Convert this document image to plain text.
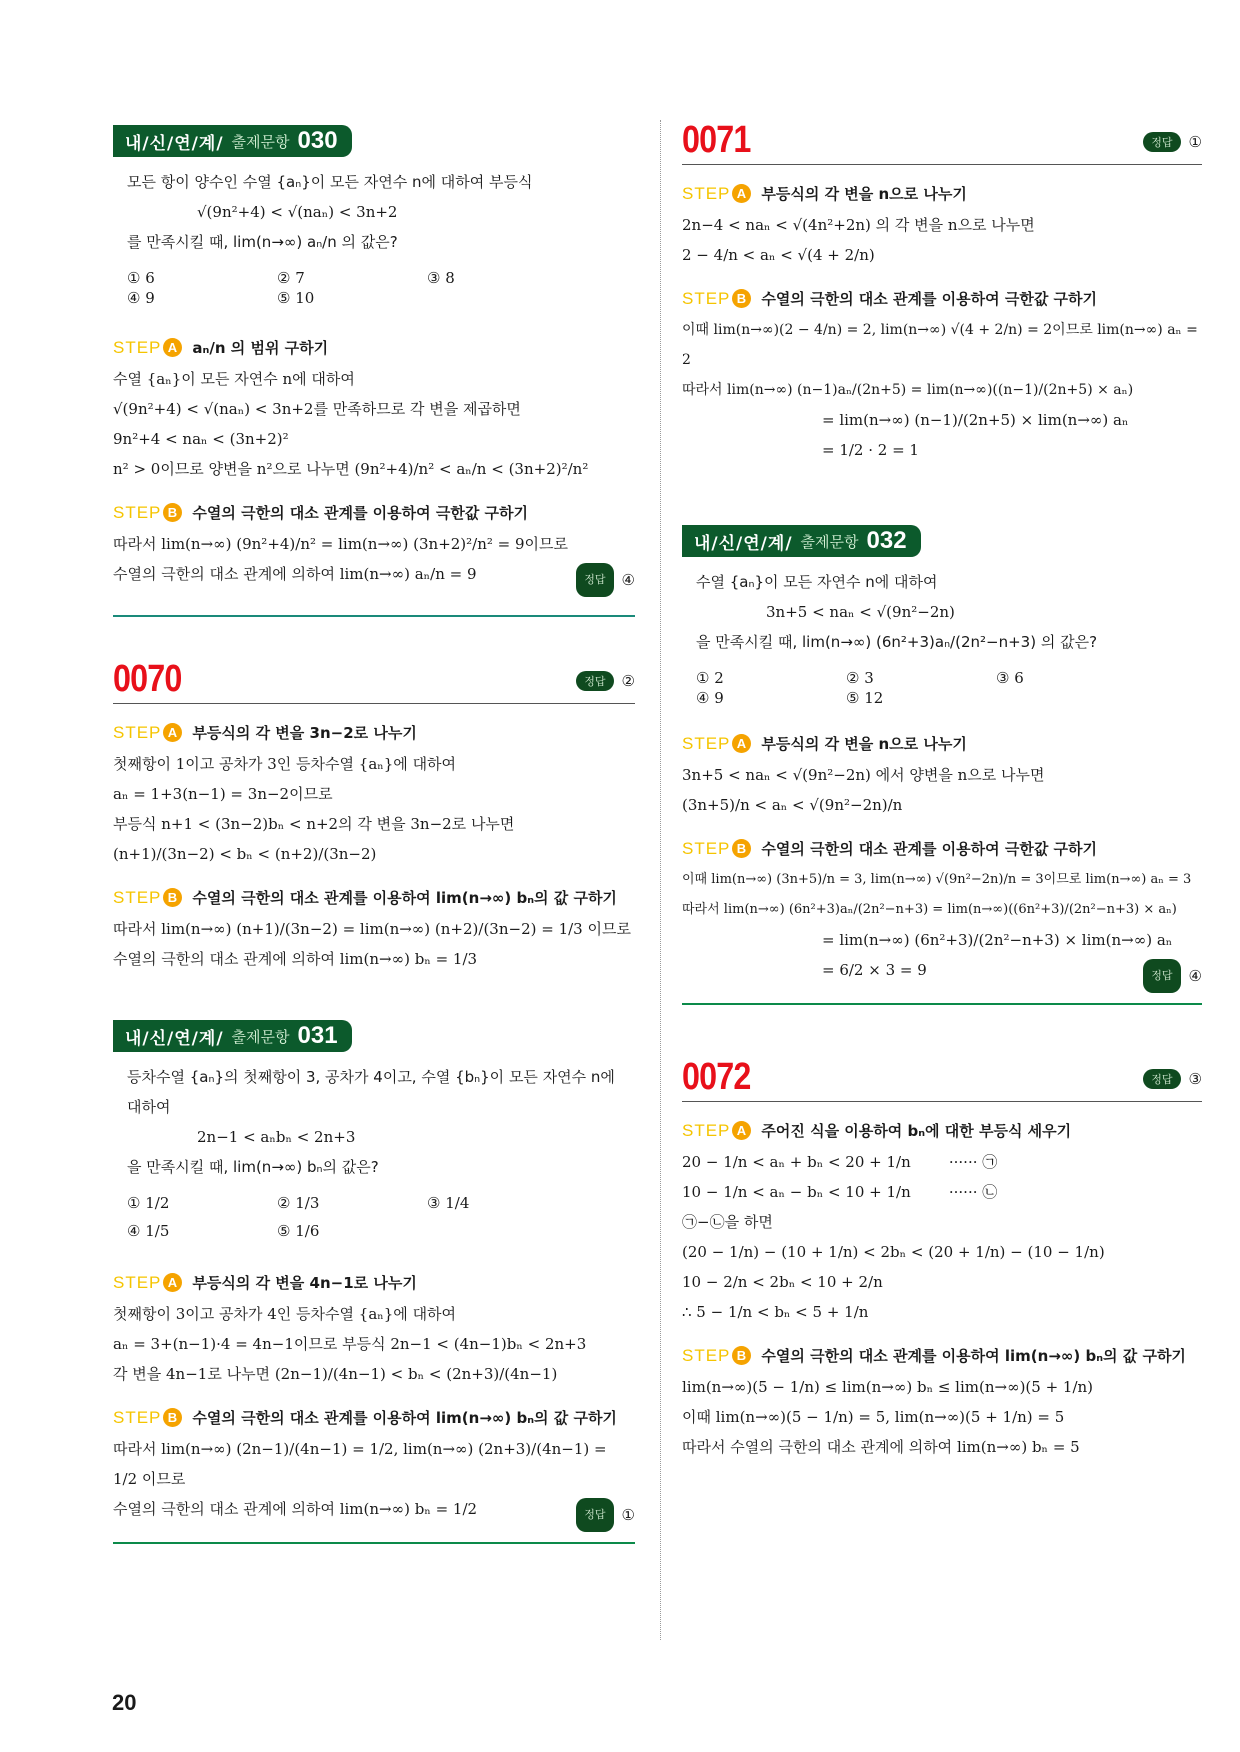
내/신/연/계/ 출제문항 030
모든 항이 양수인 수열 {aₙ}이 모든 자연수 n에 대하여 부등식
√(9n²+4) < √(naₙ) < 3n+2
를 만족시킬 때, lim(n→∞) aₙ/n 의 값은?
① 6	② 7	③ 8
④ 9	⑤ 10
STEP A aₙ/n 의 범위 구하기
수열 {aₙ}이 모든 자연수 n에 대하여
√(9n²+4) < √(naₙ) < 3n+2를 만족하므로 각 변을 제곱하면
9n²+4 < naₙ < (3n+2)²
n² > 0이므로 양변을 n²으로 나누면 (9n²+4)/n² < aₙ/n < (3n+2)²/n²
STEP B 수열의 극한의 대소 관계를 이용하여 극한값 구하기
따라서 lim(n→∞) (9n²+4)/n² = lim(n→∞) (3n+2)²/n² = 9이므로
수열의 극한의 대소 관계에 의하여 lim(n→∞) aₙ/n = 9	정답	④
0070	정답	②
STEP A 부등식의 각 변을 3n−2로 나누기
첫째항이 1이고 공차가 3인 등차수열 {aₙ}에 대하여
aₙ = 1+3(n−1) = 3n−2이므로
부등식 n+1 < (3n−2)bₙ < n+2의 각 변을 3n−2로 나누면
(n+1)/(3n−2) < bₙ < (n+2)/(3n−2)
STEP B 수열의 극한의 대소 관계를 이용하여 lim(n→∞) bₙ의 값 구하기
따라서 lim(n→∞) (n+1)/(3n−2) = lim(n→∞) (n+2)/(3n−2) = 1/3 이므로
수열의 극한의 대소 관계에 의하여 lim(n→∞) bₙ = 1/3
내/신/연/계/ 출제문항 031
등차수열 {aₙ}의 첫째항이 3, 공차가 4이고, 수열 {bₙ}이 모든 자연수 n에
대하여
2n−1 < aₙbₙ < 2n+3
을 만족시킬 때, lim(n→∞) bₙ의 값은?
① 1/2	② 1/3	③ 1/4
④ 1/5	⑤ 1/6
STEP A 부등식의 각 변을 4n−1로 나누기
첫째항이 3이고 공차가 4인 등차수열 {aₙ}에 대하여
aₙ = 3+(n−1)·4 = 4n−1이므로 부등식 2n−1 < (4n−1)bₙ < 2n+3
각 변을 4n−1로 나누면 (2n−1)/(4n−1) < bₙ < (2n+3)/(4n−1)
STEP B 수열의 극한의 대소 관계를 이용하여 lim(n→∞) bₙ의 값 구하기
따라서 lim(n→∞) (2n−1)/(4n−1) = 1/2, lim(n→∞) (2n+3)/(4n−1) = 1/2 이므로
수열의 극한의 대소 관계에 의하여 lim(n→∞) bₙ = 1/2	정답	①
0071	정답	①
STEP A 부등식의 각 변을 n으로 나누기
2n−4 < naₙ < √(4n²+2n) 의 각 변을 n으로 나누면
2 − 4/n < aₙ < √(4 + 2/n)
STEP B 수열의 극한의 대소 관계를 이용하여 극한값 구하기
이때 lim(n→∞)(2 − 4/n) = 2, lim(n→∞) √(4 + 2/n) = 2이므로 lim(n→∞) aₙ = 2
따라서 lim(n→∞) (n−1)aₙ/(2n+5) = lim(n→∞)((n−1)/(2n+5) × aₙ)
= lim(n→∞) (n−1)/(2n+5) × lim(n→∞) aₙ
= 1/2 · 2 = 1
내/신/연/계/ 출제문항 032
수열 {aₙ}이 모든 자연수 n에 대하여
3n+5 < naₙ < √(9n²−2n)
을 만족시킬 때, lim(n→∞) (6n²+3)aₙ/(2n²−n+3) 의 값은?
① 2	② 3	③ 6
④ 9	⑤ 12
STEP A 부등식의 각 변을 n으로 나누기
3n+5 < naₙ < √(9n²−2n) 에서 양변을 n으로 나누면
(3n+5)/n < aₙ < √(9n²−2n)/n
STEP B 수열의 극한의 대소 관계를 이용하여 극한값 구하기
이때 lim(n→∞) (3n+5)/n = 3, lim(n→∞) √(9n²−2n)/n = 3이므로 lim(n→∞) aₙ = 3
따라서 lim(n→∞) (6n²+3)aₙ/(2n²−n+3) = lim(n→∞)((6n²+3)/(2n²−n+3) × aₙ)
= lim(n→∞) (6n²+3)/(2n²−n+3) × lim(n→∞) aₙ
= 6/2 × 3 = 9	정답	④
0072	정답	③
STEP A 주어진 식을 이용하여 bₙ에 대한 부등식 세우기
20 − 1/n < aₙ + bₙ < 20 + 1/n        ······ ㉠
10 − 1/n < aₙ − bₙ < 10 + 1/n        ······ ㉡
㉠−㉡을 하면
(20 − 1/n) − (10 + 1/n) < 2bₙ < (20 + 1/n) − (10 − 1/n)
10 − 2/n < 2bₙ < 10 + 2/n
∴ 5 − 1/n < bₙ < 5 + 1/n
STEP B 수열의 극한의 대소 관계를 이용하여 lim(n→∞) bₙ의 값 구하기
lim(n→∞)(5 − 1/n) ≤ lim(n→∞) bₙ ≤ lim(n→∞)(5 + 1/n)
이때 lim(n→∞)(5 − 1/n) = 5, lim(n→∞)(5 + 1/n) = 5
따라서 수열의 극한의 대소 관계에 의하여 lim(n→∞) bₙ = 5
20
